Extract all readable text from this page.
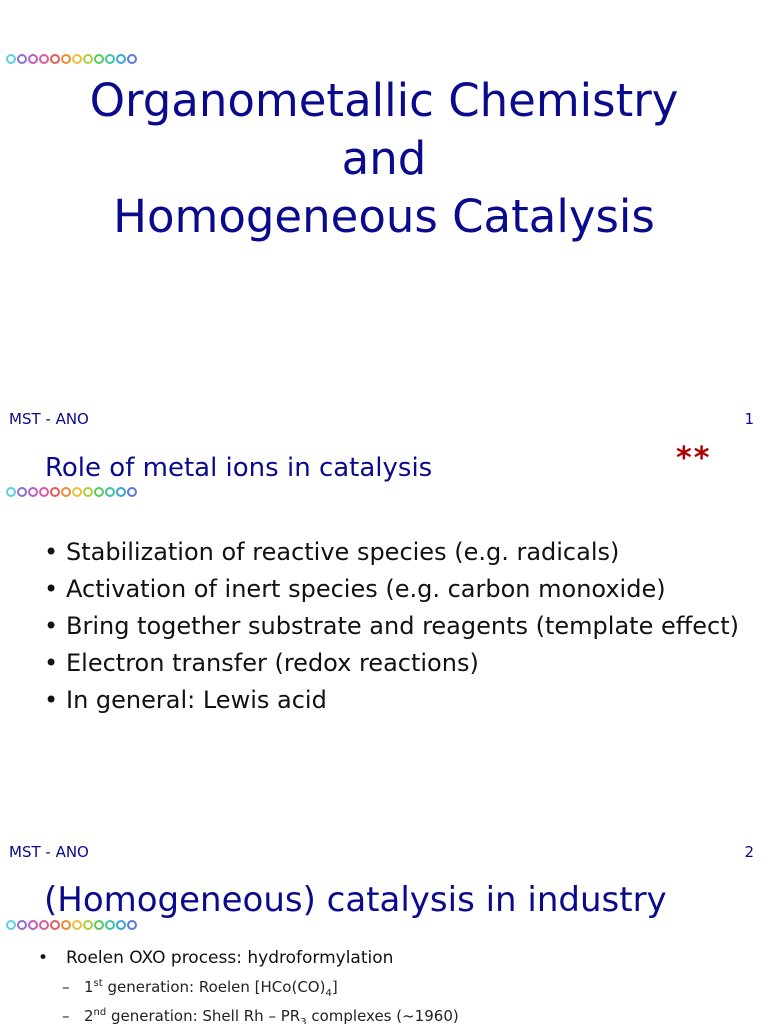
Organometallic Chemistry
and
Homogeneous Catalysis
MST - ANO	1
Role of metal ions in catalysis	**
• Stabilization of reactive species (e.g. radicals)
• Activation of inert species (e.g. carbon monoxide)
• Bring together substrate and reagents (template effect)
• Electron transfer (redox reactions)
• In general: Lewis acid
MST - ANO	2
(Homogeneous) catalysis in industry
• Roelen OXO process: hydroformylation
– 1st generation: Roelen $[HCo(CO)_4]$
– 2nd generation: Shell Rh – $PR_3$ complexes (~1960)
